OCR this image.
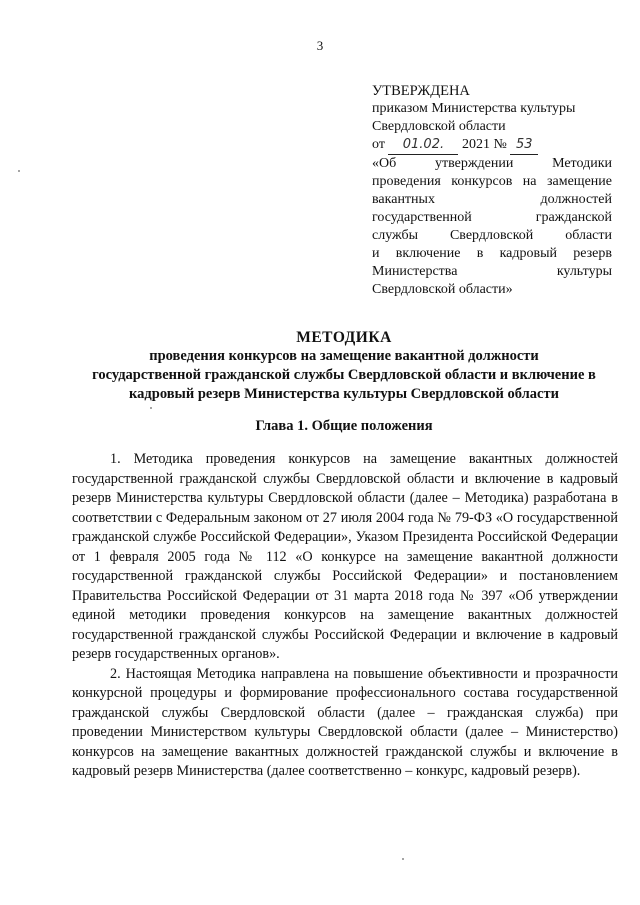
3
УТВЕРЖДЕНА
приказом Министерства культуры
Свердловской области
от 01.02. 2021 № 53
«Об утверждении Методики
проведения конкурсов на замещение
вакантных должностей
государственной гражданской
службы Свердловской области
и включение в кадровый резерв
Министерства культуры
Свердловской области»
МЕТОДИКА
проведения конкурсов на замещение вакантной должности
государственной гражданской службы Свердловской области и включение в
кадровый резерв Министерства культуры Свердловской области
Глава 1. Общие положения

1. Методика проведения конкурсов на замещение вакантных должностей государственной гражданской службы Свердловской области и включение в кадровый резерв Министерства культуры Свердловской области (далее – Методика) разработана в соответствии с Федеральным законом от 27 июля 2004 года № 79-ФЗ «О государственной гражданской службе Российской Федерации», Указом Президента Российской Федерации от 1 февраля 2005 года № 112 «О конкурсе на замещение вакантной должности государственной гражданской службы Российской Федерации» и постановлением Правительства Российской Федерации от 31 марта 2018 года № 397 «Об утверждении единой методики проведения конкурсов на замещение вакантных должностей государственной гражданской службы Российской Федерации и включение в кадровый резерв государственных органов».

2. Настоящая Методика направлена на повышение объективности и прозрачности конкурсной процедуры и формирование профессионального состава государственной гражданской службы Свердловской области (далее – гражданская служба) при проведении Министерством культуры Свердловской области (далее – Министерство) конкурсов на замещение вакантных должностей гражданской службы и включение в кадровый резерв Министерства (далее соответственно – конкурс, кадровый резерв).
